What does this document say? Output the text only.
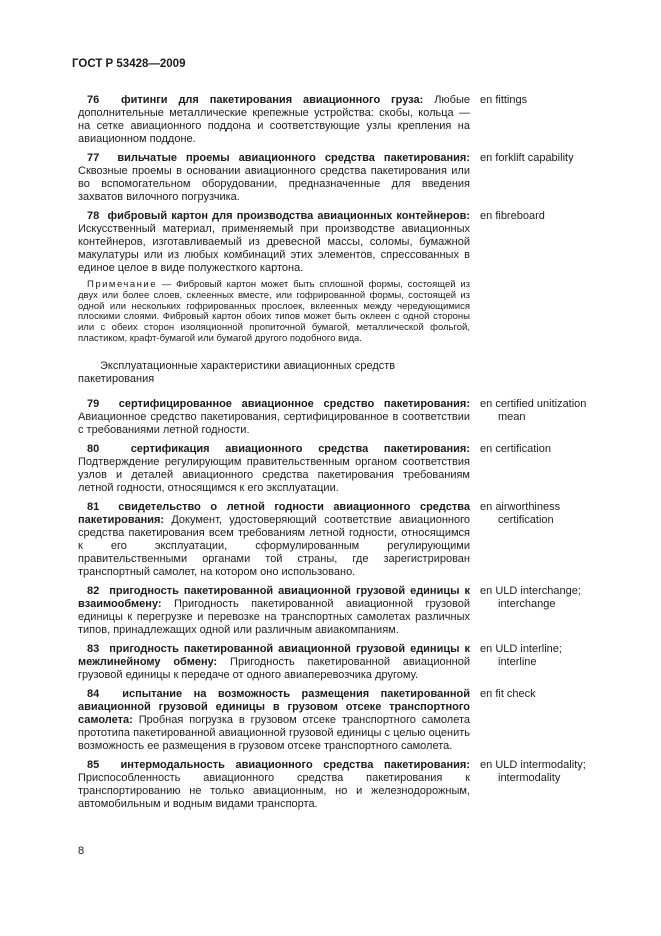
ГОСТ Р 53428—2009

76 фитинги для пакетирования авиационного груза: Любые дополнительные металлические крепежные устройства: скобы, кольца — на сетке авиационного поддона и соответствующие узлы крепления на авиационном поддоне.

en fittings

77 вильчатые проемы авиационного средства пакетирования: Сквозные проемы в основании авиационного средства пакетирования или во вспомогательном оборудовании, предназначенные для введения захватов вилочного погрузчика.

en forklift capability

78 фибровый картон для производства авиационных контейнеров: Искусственный материал, применяемый при производстве авиационных контейнеров, изготавливаемый из древесной массы, соломы, бумажной макулатуры или из любых комбинаций этих элементов, спрессованных в единое целое в виде полужесткого картона.

Примечание — Фибровый картон может быть сплошной формы, состоящей из двух или более слоев, склеенных вместе, или гофрированной формы, состоящей из одной или нескольких гофрированных прослоек, вклеенных между чередующимися плоскими слоями. Фибровый картон обоих типов может быть оклеен с одной стороны или с обеих сторон изоляционной пропиточной бумагой, металлической фольгой, пластиком, крафт-бумагой или бумагой другого подобного вида.

en fibreboard
Эксплуатационные характеристики авиационных средств пакетирования

79 сертифицированное авиационное средство пакетирования: Авиационное средство пакетирования, сертифицированное в соответствии с требованиями летной годности.

en certified unitization mean

80	сертификация авиационного средства пакетирования: Подтверждение регулирующим правительственным органом соответствия узлов и деталей авиационного средства пакетирования требованиям летной годности, относящимся к его эксплуатации.

en certification

81 свидетельство о летной годности авиационного средства пакетирования: Документ, удостоверяющий соответствие авиационного средства пакетирования всем требованиям летной годности, относящимся к его эксплуатации, сформулированным регулирующими правительственными органами той страны, где зарегистрирован транспортный самолет, на котором оно использовано.

en airworthiness certification

82 пригодность пакетированной авиационной грузовой единицы к взаимообмену: Пригодность пакетированной авиационной грузовой единицы к перегрузке и перевозке на транспортных самолетах различных типов, принадлежащих одной или различным авиакомпаниям.

en ULD interchange; interchange

83 пригодность пакетированной авиационной грузовой единицы к межлинейному обмену: Пригодность пакетированной авиационной грузовой единицы к передаче от одного авиаперевозчика другому.

en ULD interline; interline

84 испытание на возможность размещения пакетированной авиационной грузовой единицы в грузовом отсеке транспортного самолета: Пробная погрузка в грузовом отсеке транспортного самолета прототипа пакетированной авиационной грузовой единицы с целью оценить возможность ее размещения в грузовом отсеке транспортного самолета.

en fit check

85 интермодальность авиационного средства пакетирования: Приспособленность авиационного средства пакетирования к транспортированию не только авиационным, но и железнодорожным, автомобильным и водным видами транспорта.

en ULD intermodality; intermodality
8
